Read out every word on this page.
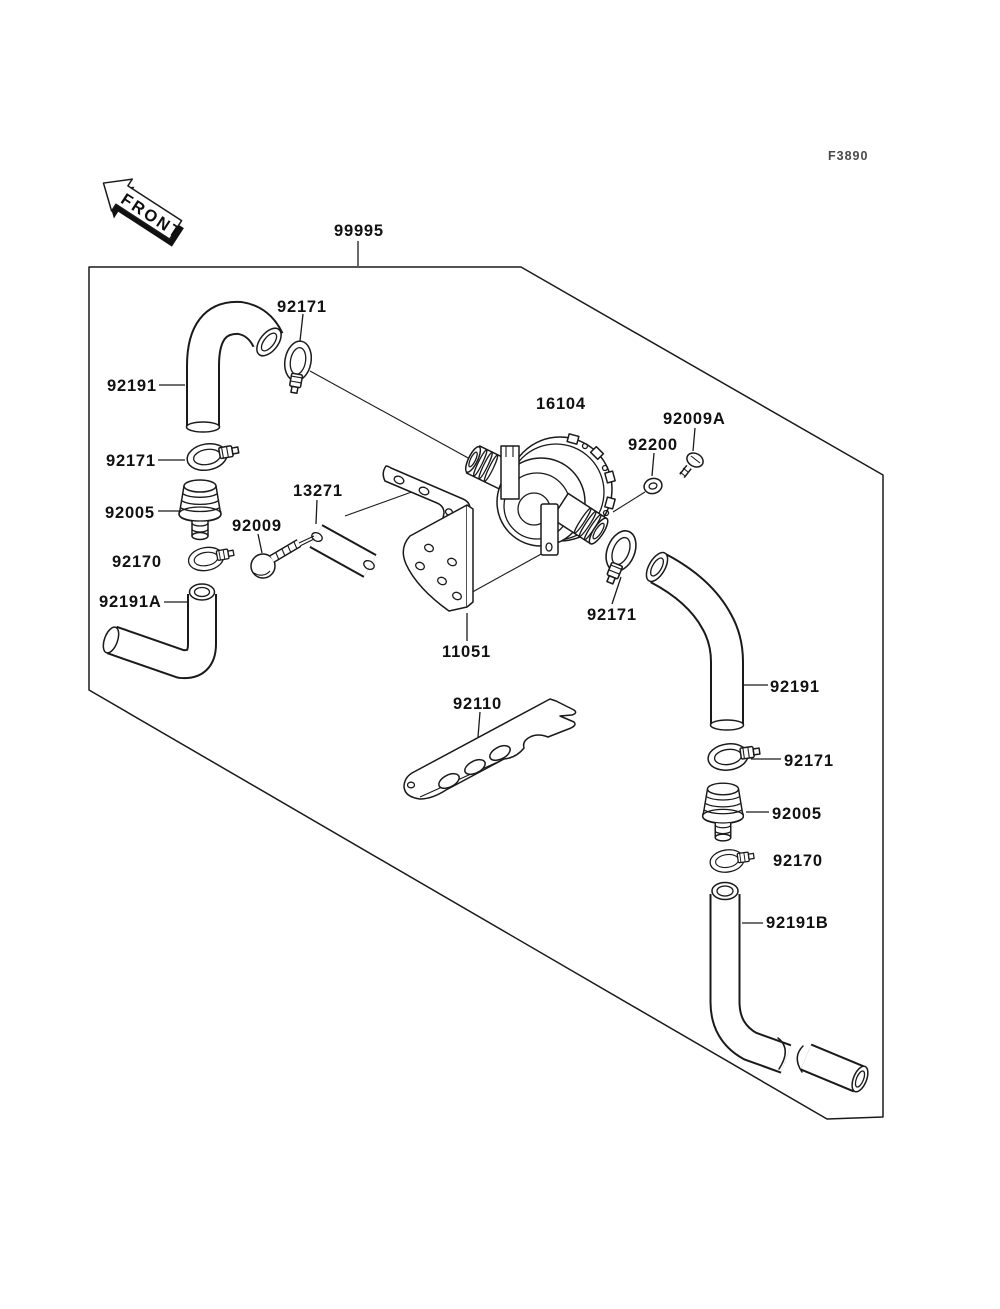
FRONT
F3890
99995
92171
92191
16104
92009A
92200
92171
13271
92005
92009
92170
92191A
11051
92171
92110
92191
92171
92005
92170
92191B
